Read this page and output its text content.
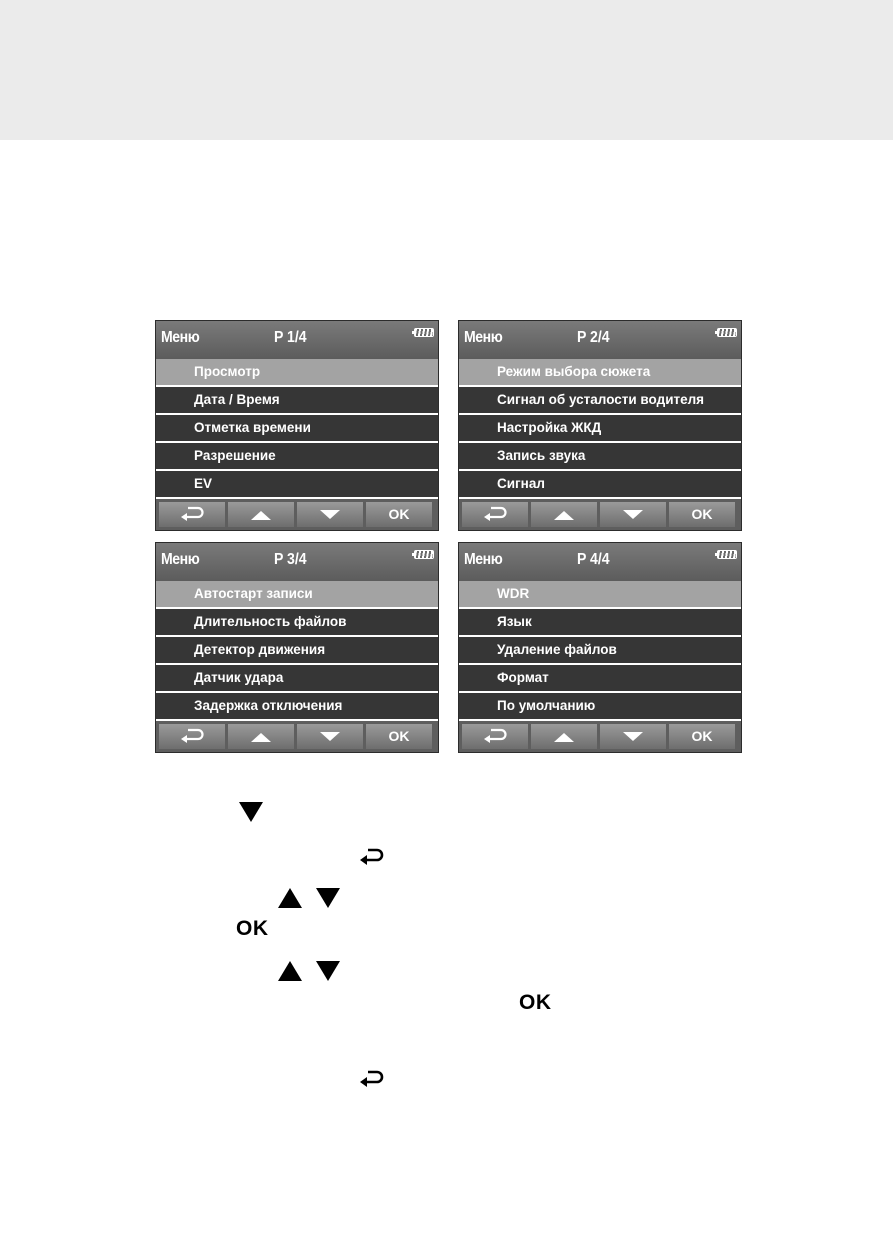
Меню	P 1/4
Просмотр
Дата / Время
Отметка времени
Разрешение
EV
OK
Меню	P 2/4
Режим выбора сюжета
Сигнал об усталости водителя
Настройка ЖКД
Запись звука
Сигнал
OK
Меню	P 3/4
Автостарт записи
Длительность файлов
Детектор движения
Датчик удара
Задержка отключения
OK
Меню	P 4/4
WDR
Язык
Удаление файлов
Формат
По умолчанию
OK
OK
OK
